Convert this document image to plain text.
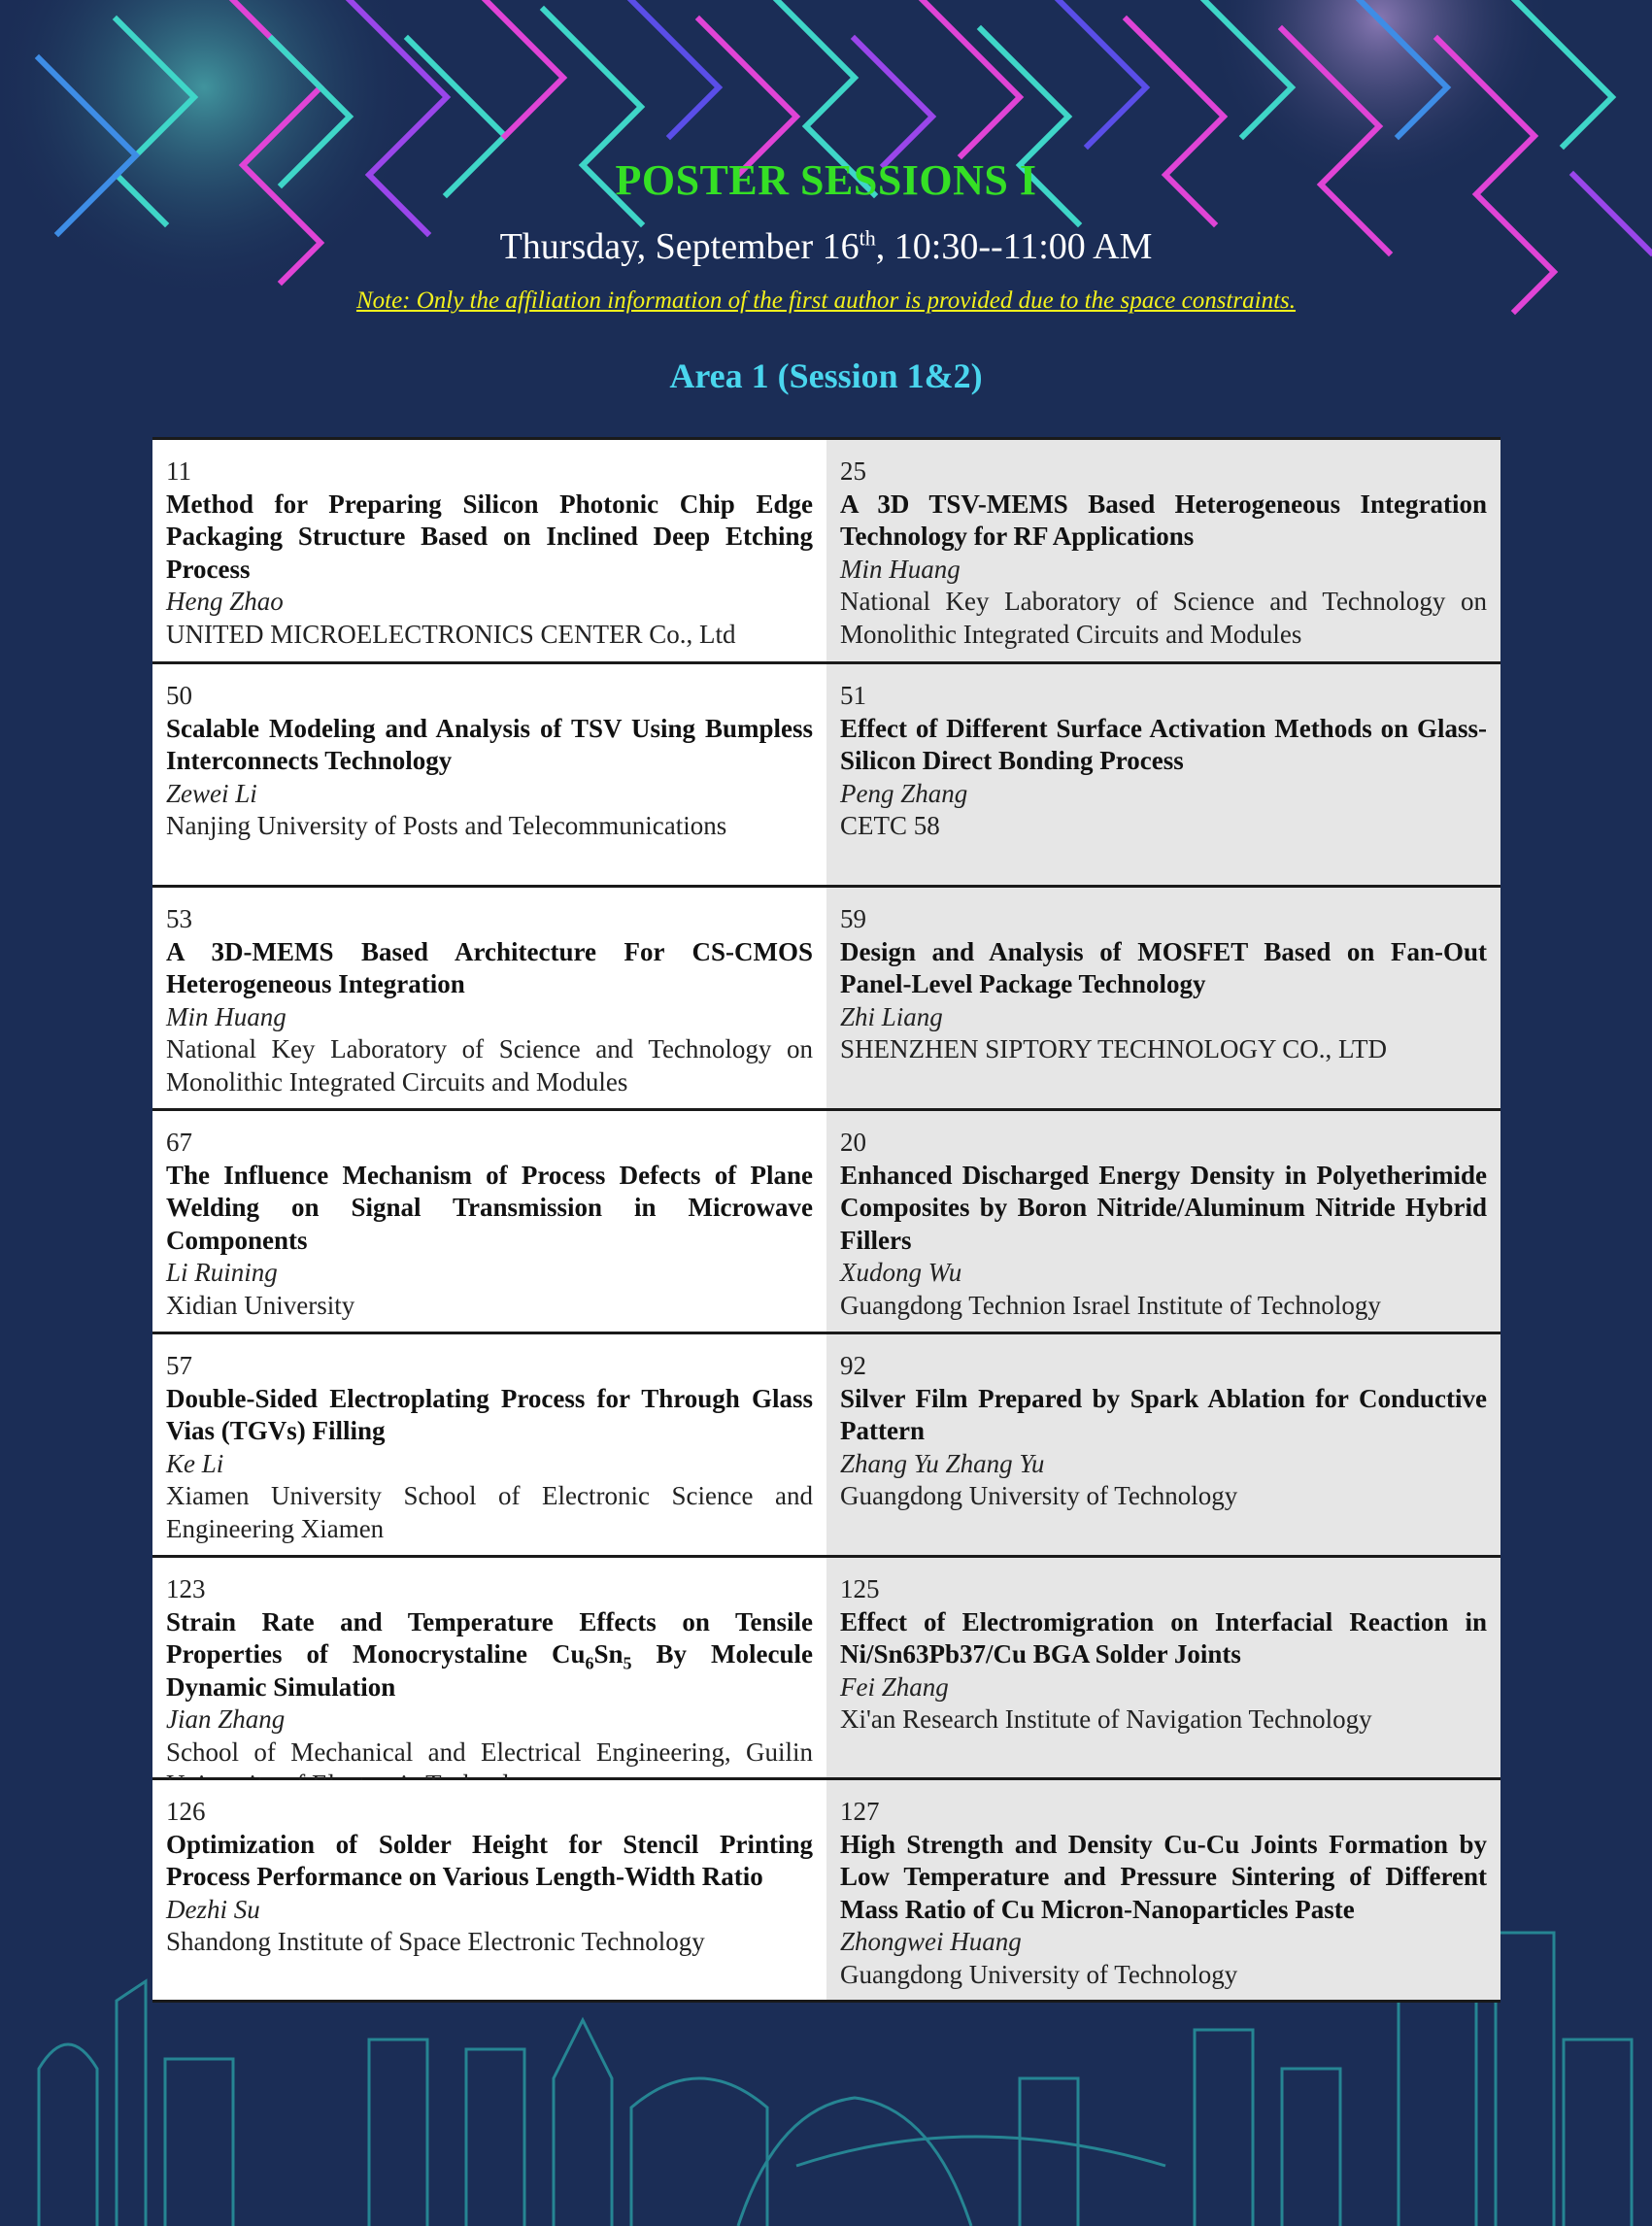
POSTER SESSIONS I
Thursday, September 16th, 10:30--11:00 AM
Note: Only the affiliation information of the first author is provided due to the space constraints.
Area 1 (Session 1&2)
11
Method for Preparing Silicon Photonic Chip Edge Packaging Structure Based on Inclined Deep Etching Process
Heng Zhao
UNITED MICROELECTRONICS CENTER Co., Ltd
25
A 3D TSV-MEMS Based Heterogeneous Integration Technology for RF Applications
Min Huang
National Key Laboratory of Science and Technology on Monolithic Integrated Circuits and Modules
50
Scalable Modeling and Analysis of TSV Using Bumpless Interconnects Technology
Zewei Li
Nanjing University of Posts and Telecommunications
51
Effect of Different Surface Activation Methods on Glass-Silicon Direct Bonding Process
Peng Zhang
CETC 58
53
A 3D-MEMS Based Architecture For CS-CMOS Heterogeneous Integration
Min Huang
National Key Laboratory of Science and Technology on Monolithic Integrated Circuits and Modules
59
Design and Analysis of MOSFET Based on Fan-Out Panel-Level Package Technology
Zhi Liang
SHENZHEN SIPTORY TECHNOLOGY CO., LTD
67
The Influence Mechanism of Process Defects of Plane Welding on Signal Transmission in Microwave Components
Li Ruining
Xidian University
20
Enhanced Discharged Energy Density in Polyetherimide Composites by Boron Nitride/Aluminum Nitride Hybrid Fillers
Xudong Wu
Guangdong Technion Israel Institute of Technology
57
Double-Sided Electroplating Process for Through Glass Vias (TGVs) Filling
Ke Li
Xiamen University School of Electronic Science and Engineering Xiamen
92
Silver Film Prepared by Spark Ablation for Conductive Pattern
Zhang Yu Zhang Yu
Guangdong University of Technology
123
Strain Rate and Temperature Effects on Tensile Properties of Monocrystaline $Cu_6Sn_5$ By Molecule Dynamic Simulation
Jian Zhang
School of Mechanical and Electrical Engineering, Guilin
125
Effect of Electromigration on Interfacial Reaction in Ni/Sn63Pb37/Cu BGA Solder Joints
Fei Zhang
Xi'an Research Institute of Navigation Technology
126
Optimization of Solder Height for Stencil Printing Process Performance on Various Length-Width Ratio
Dezhi Su
Shandong Institute of Space Electronic Technology
127
High Strength and Density Cu-Cu Joints Formation by Low Temperature and Pressure Sintering of Different Mass Ratio of Cu Micron-Nanoparticles Paste
Zhongwei Huang
Guangdong University of Technology
